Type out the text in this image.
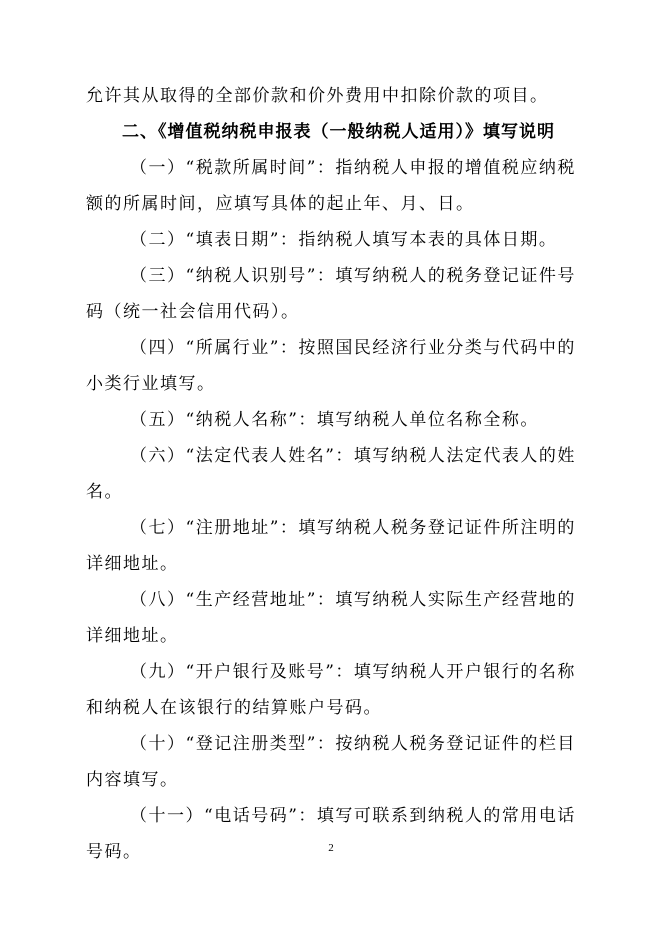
允许其从取得的全部价款和价外费用中扣除价款的项目。

二、《增值税纳税申报表（一般纳税人适用）》填写说明

（一）“税款所属时间”：指纳税人申报的增值税应纳税额的所属时间，应填写具体的起止年、月、日。

（二）“填表日期”：指纳税人填写本表的具体日期。

（三）“纳税人识别号”：填写纳税人的税务登记证件号码（统一社会信用代码）。

（四）“所属行业”：按照国民经济行业分类与代码中的小类行业填写。

（五）“纳税人名称”：填写纳税人单位名称全称。

（六）“法定代表人姓名”：填写纳税人法定代表人的姓名。

（七）“注册地址”：填写纳税人税务登记证件所注明的详细地址。

（八）“生产经营地址”：填写纳税人实际生产经营地的详细地址。

（九）“开户银行及账号”：填写纳税人开户银行的名称和纳税人在该银行的结算账户号码。

（十）“登记注册类型”：按纳税人税务登记证件的栏目内容填写。

（十一）“电话号码”：填写可联系到纳税人的常用电话号码。	2
